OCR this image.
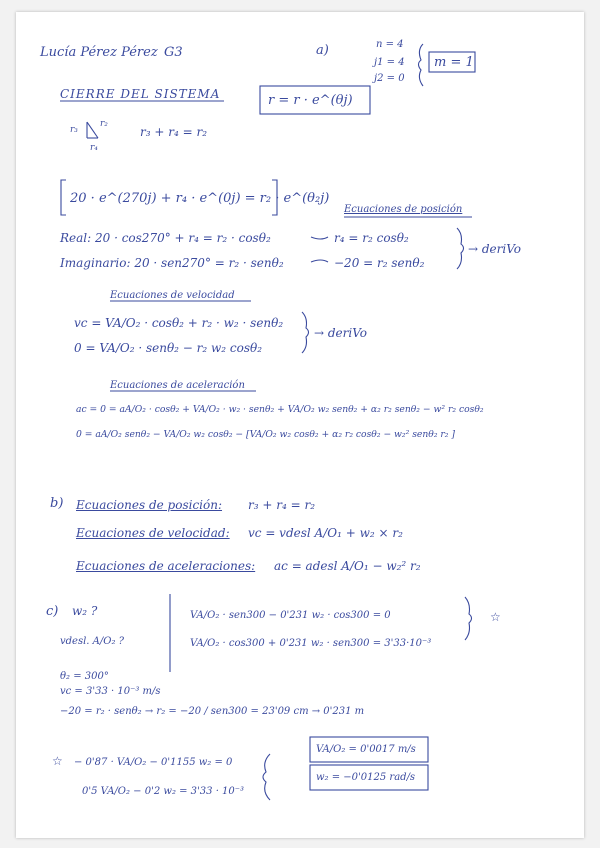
Lucía Pérez Pérez G3	a)	n = 4
j1 = 4
j2 = 0
m = 1
CIERRE DEL SISTEMA	r = r · e^(θj)
r₃
r₂
r₄
r₃ + r₄ = r₂
20 · e^(270j) + r₄ · e^(0j) = r₂ · e^(θ₂j)
Ecuaciones de posición
Real: 20 · cos270° + r₄ = r₂ · cosθ₂
Imaginario: 20 · sen270° = r₂ · senθ₂
r₄ = r₂ cosθ₂
−20 = r₂ senθ₂
→ deriVo
Ecuaciones de velocidad
vc = VA/O₂ · cosθ₂ + r₂ · w₂ · senθ₂
0 = VA/O₂ · senθ₂ − r₂ w₂ cosθ₂
→ deriVo
Ecuaciones de aceleración
ac = 0 = aA/O₂ · cosθ₂ + VA/O₂ · w₂ · senθ₂ + VA/O₂ w₂ senθ₂ + α₂ r₂ senθ₂ − w² r₂ cosθ₂
0 = aA/O₂ senθ₂ − VA/O₂ w₂ cosθ₂ − [VA/O₂ w₂ cosθ₂ + α₂ r₂ cosθ₂ − w₂² senθ₂ r₂ ]
b) Ecuaciones de posición: r₃ + r₄ = r₂
Ecuaciones de velocidad: vc = vdesl A/O₁ + w₂ × r₂
Ecuaciones de aceleraciones: ac = adesl A/O₁ − w₂² r₂
c) w₂ ?
vdesl. A/O₂ ?
VA/O₂ · sen300 − 0'231 w₂ · cos300 = 0
VA/O₂ · cos300 + 0'231 w₂ · sen300 = 3'33·10⁻³
☆
θ₂ = 300°
vc = 3'33 · 10⁻³ m/s
−20 = r₂ · senθ₂ → r₂ = −20 / sen300 = 23'09 cm → 0'231 m
☆ − 0'87 · VA/O₂ − 0'1155 w₂ = 0
0'5 VA/O₂ − 0'2 w₂ = 3'33 · 10⁻³
VA/O₂ = 0'0017 m/s
w₂ = −0'0125 rad/s
